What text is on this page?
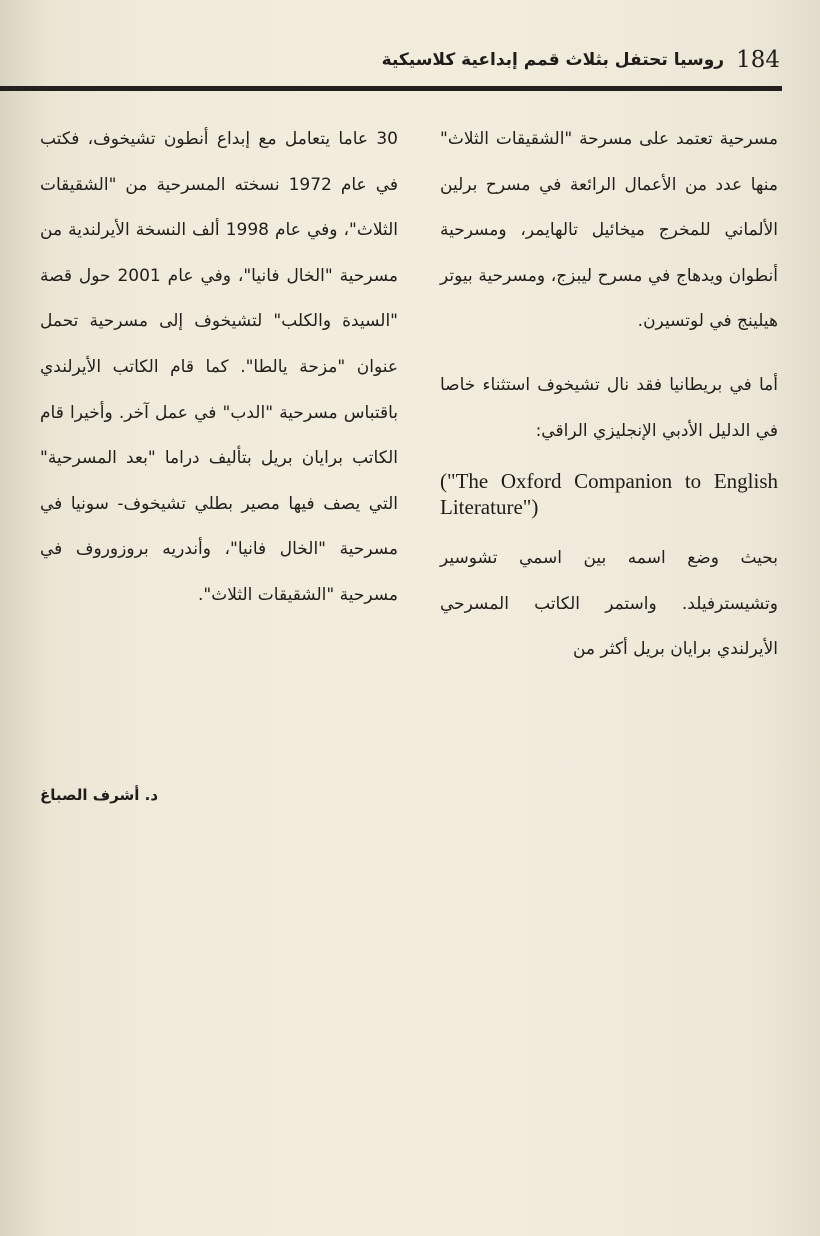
184
روسيا تحتفل بثلاث قمم إبداعية كلاسيكية

مسرحية تعتمد على مسرحة "الشقيقات الثلاث" منها عدد من الأعمال الرائعة في مسرح برلين الألماني للمخرج ميخائيل تالهايمر، ومسرحية أنطوان ويدهاج في مسرح ليبزج، ومسرحية بيوتر هيلينج في لوتسيرن.

أما في بريطانيا فقد نال تشيخوف استثناء خاصا في الدليل الأدبي الإنجليزي الراقي:

("The Oxford Companion to English Literature")

بحيث وضع اسمه بين اسمي تشوسير وتشيسترفيلد. واستمر الكاتب المسرحي الأيرلندي برايان بريل أكثر من

30 عاما يتعامل مع إبداع أنطون تشيخوف، فكتب في عام 1972 نسخته المسرحية من "الشقيقات الثلاث"، وفي عام 1998 ألف النسخة الأيرلندية من مسرحية "الخال فانيا"، وفي عام 2001 حول قصة "السيدة والكلب" لتشيخوف إلى مسرحية تحمل عنوان "مزحة يالطا". كما قام الكاتب الأيرلندي باقتباس مسرحية "الدب" في عمل آخر. وأخيرا قام الكاتب برايان بريل بتأليف دراما "بعد المسرحية" التي يصف فيها مصير بطلي تشيخوف- سونيا في مسرحية "الخال فانيا"، وأندريه بروزوروف في مسرحية "الشقيقات الثلاث".

د. أشرف الصباغ
